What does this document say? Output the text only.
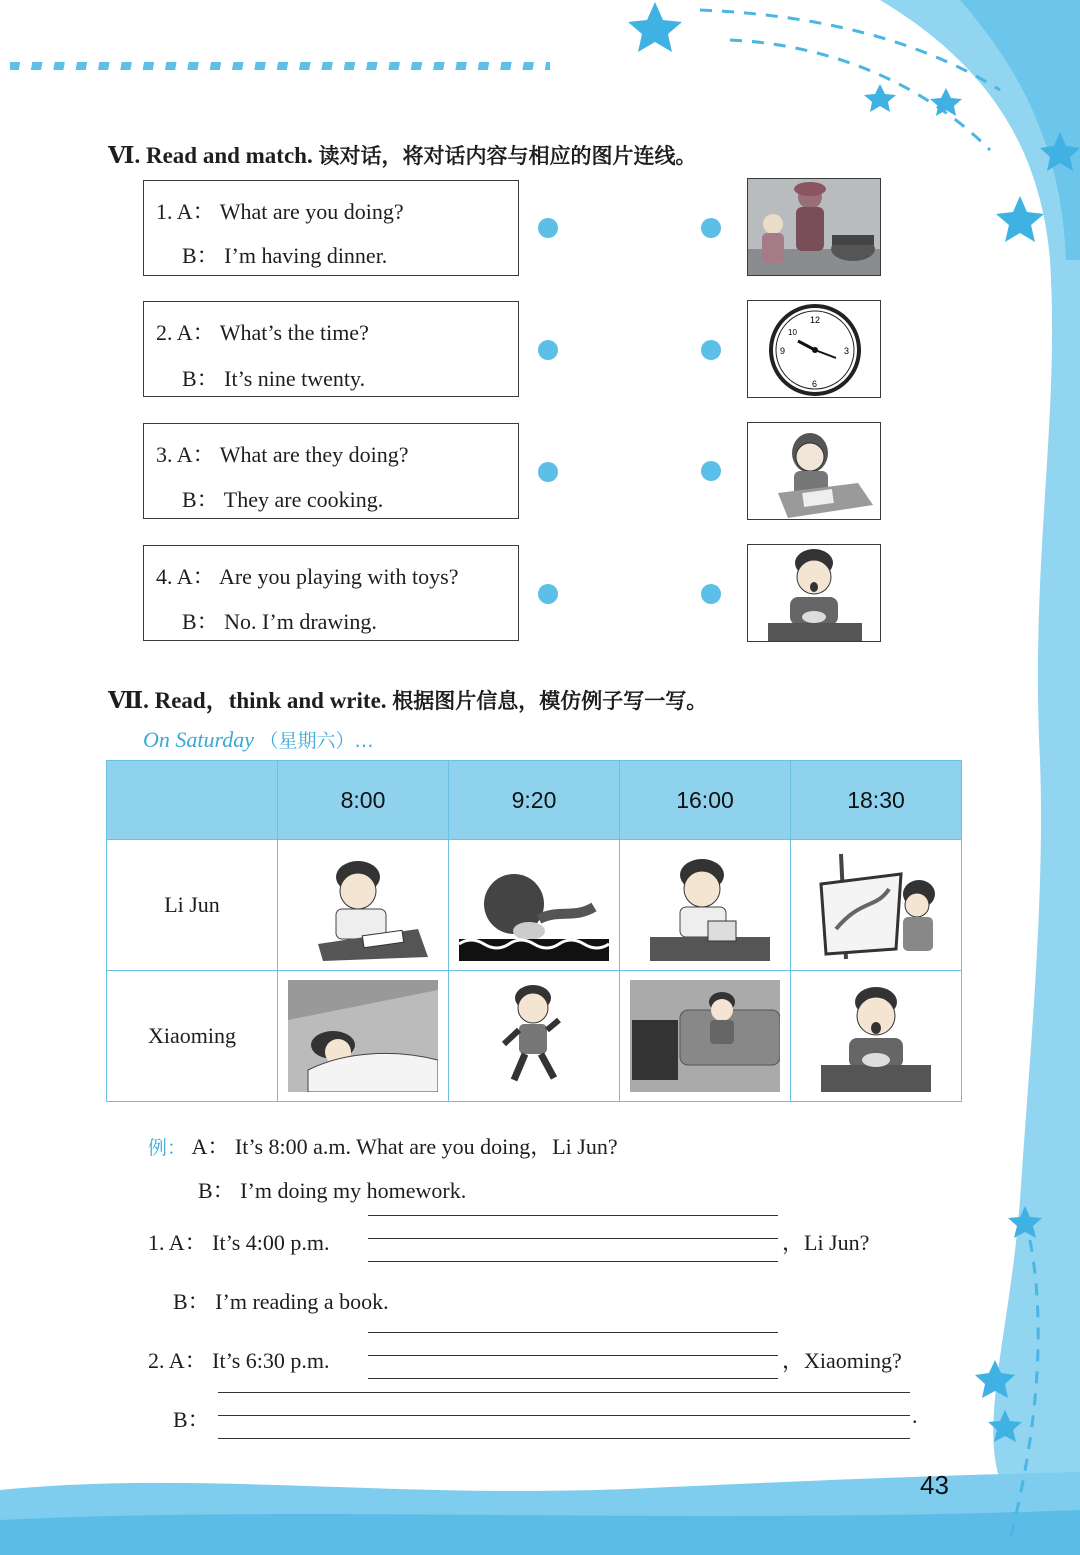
Ⅵ. Read and match. 读对话，将对话内容与相应的图片连线。
1. A： What are you doing?
B： I’m having dinner.
2. A： What’s the time?
B： It’s nine twenty.
3. A： What are they doing?
B： They are cooking.
4. A： Are you playing with toys?
B： No. I’m drawing.
12
3
6
9
10
Ⅶ. Read，think and write. 根据图片信息，模仿例子写一写。
On Saturday （星期六）…
	8:00	9:20	16:00	18:30
Li Jun	

Xiaoming	

例： A： It’s 8:00 a.m. What are you doing，Li Jun?
B： I’m doing my homework.
1. A： It’s 4:00 p.m.	，Li Jun?
B： I’m reading a book.
2. A： It’s 6:30 p.m.	，Xiaoming?
B：	.
43
